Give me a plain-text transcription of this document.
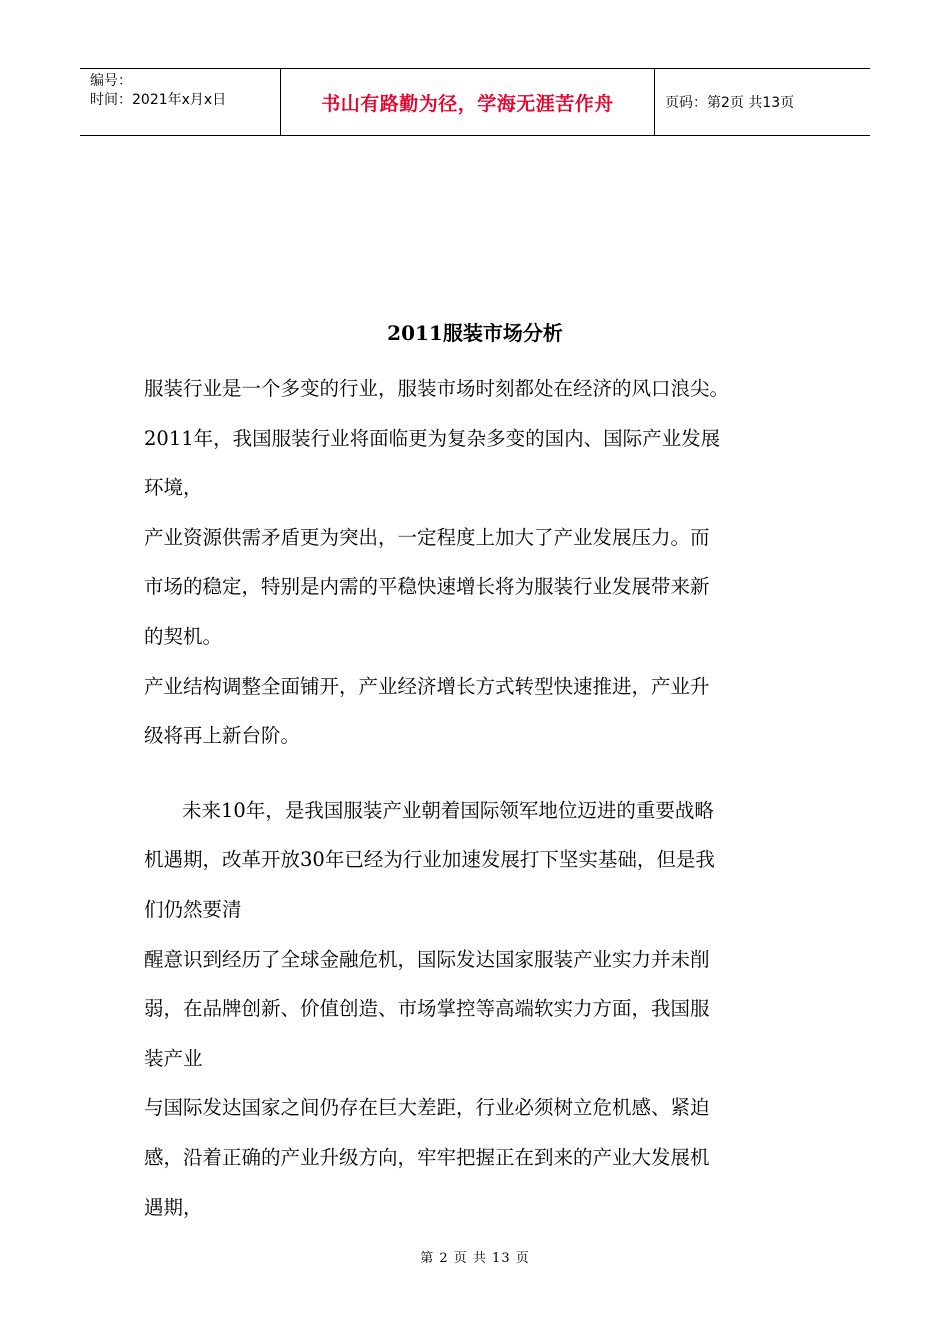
编号：
时间：2021年x月x日	书山有路勤为径，学海无涯苦作舟	页码：第2页 共13页
2011服装市场分析
服装行业是一个多变的行业，服装市场时刻都处在经济的风口浪尖。
2011年，我国服装行业将面临更为复杂多变的国内、国际产业发展
环境，
产业资源供需矛盾更为突出，一定程度上加大了产业发展压力。而
市场的稳定，特别是内需的平稳快速增长将为服装行业发展带来新
的契机。
产业结构调整全面铺开，产业经济增长方式转型快速推进，产业升
级将再上新台阶。
未来10年，是我国服装产业朝着国际领军地位迈进的重要战略
机遇期，改革开放30年已经为行业加速发展打下坚实基础，但是我
们仍然要清
醒意识到经历了全球金融危机，国际发达国家服装产业实力并未削
弱，在品牌创新、价值创造、市场掌控等高端软实力方面，我国服
装产业
与国际发达国家之间仍存在巨大差距，行业必须树立危机感、紧迫
感，沿着正确的产业升级方向，牢牢把握正在到来的产业大发展机
遇期，
第 2 页 共 13 页
